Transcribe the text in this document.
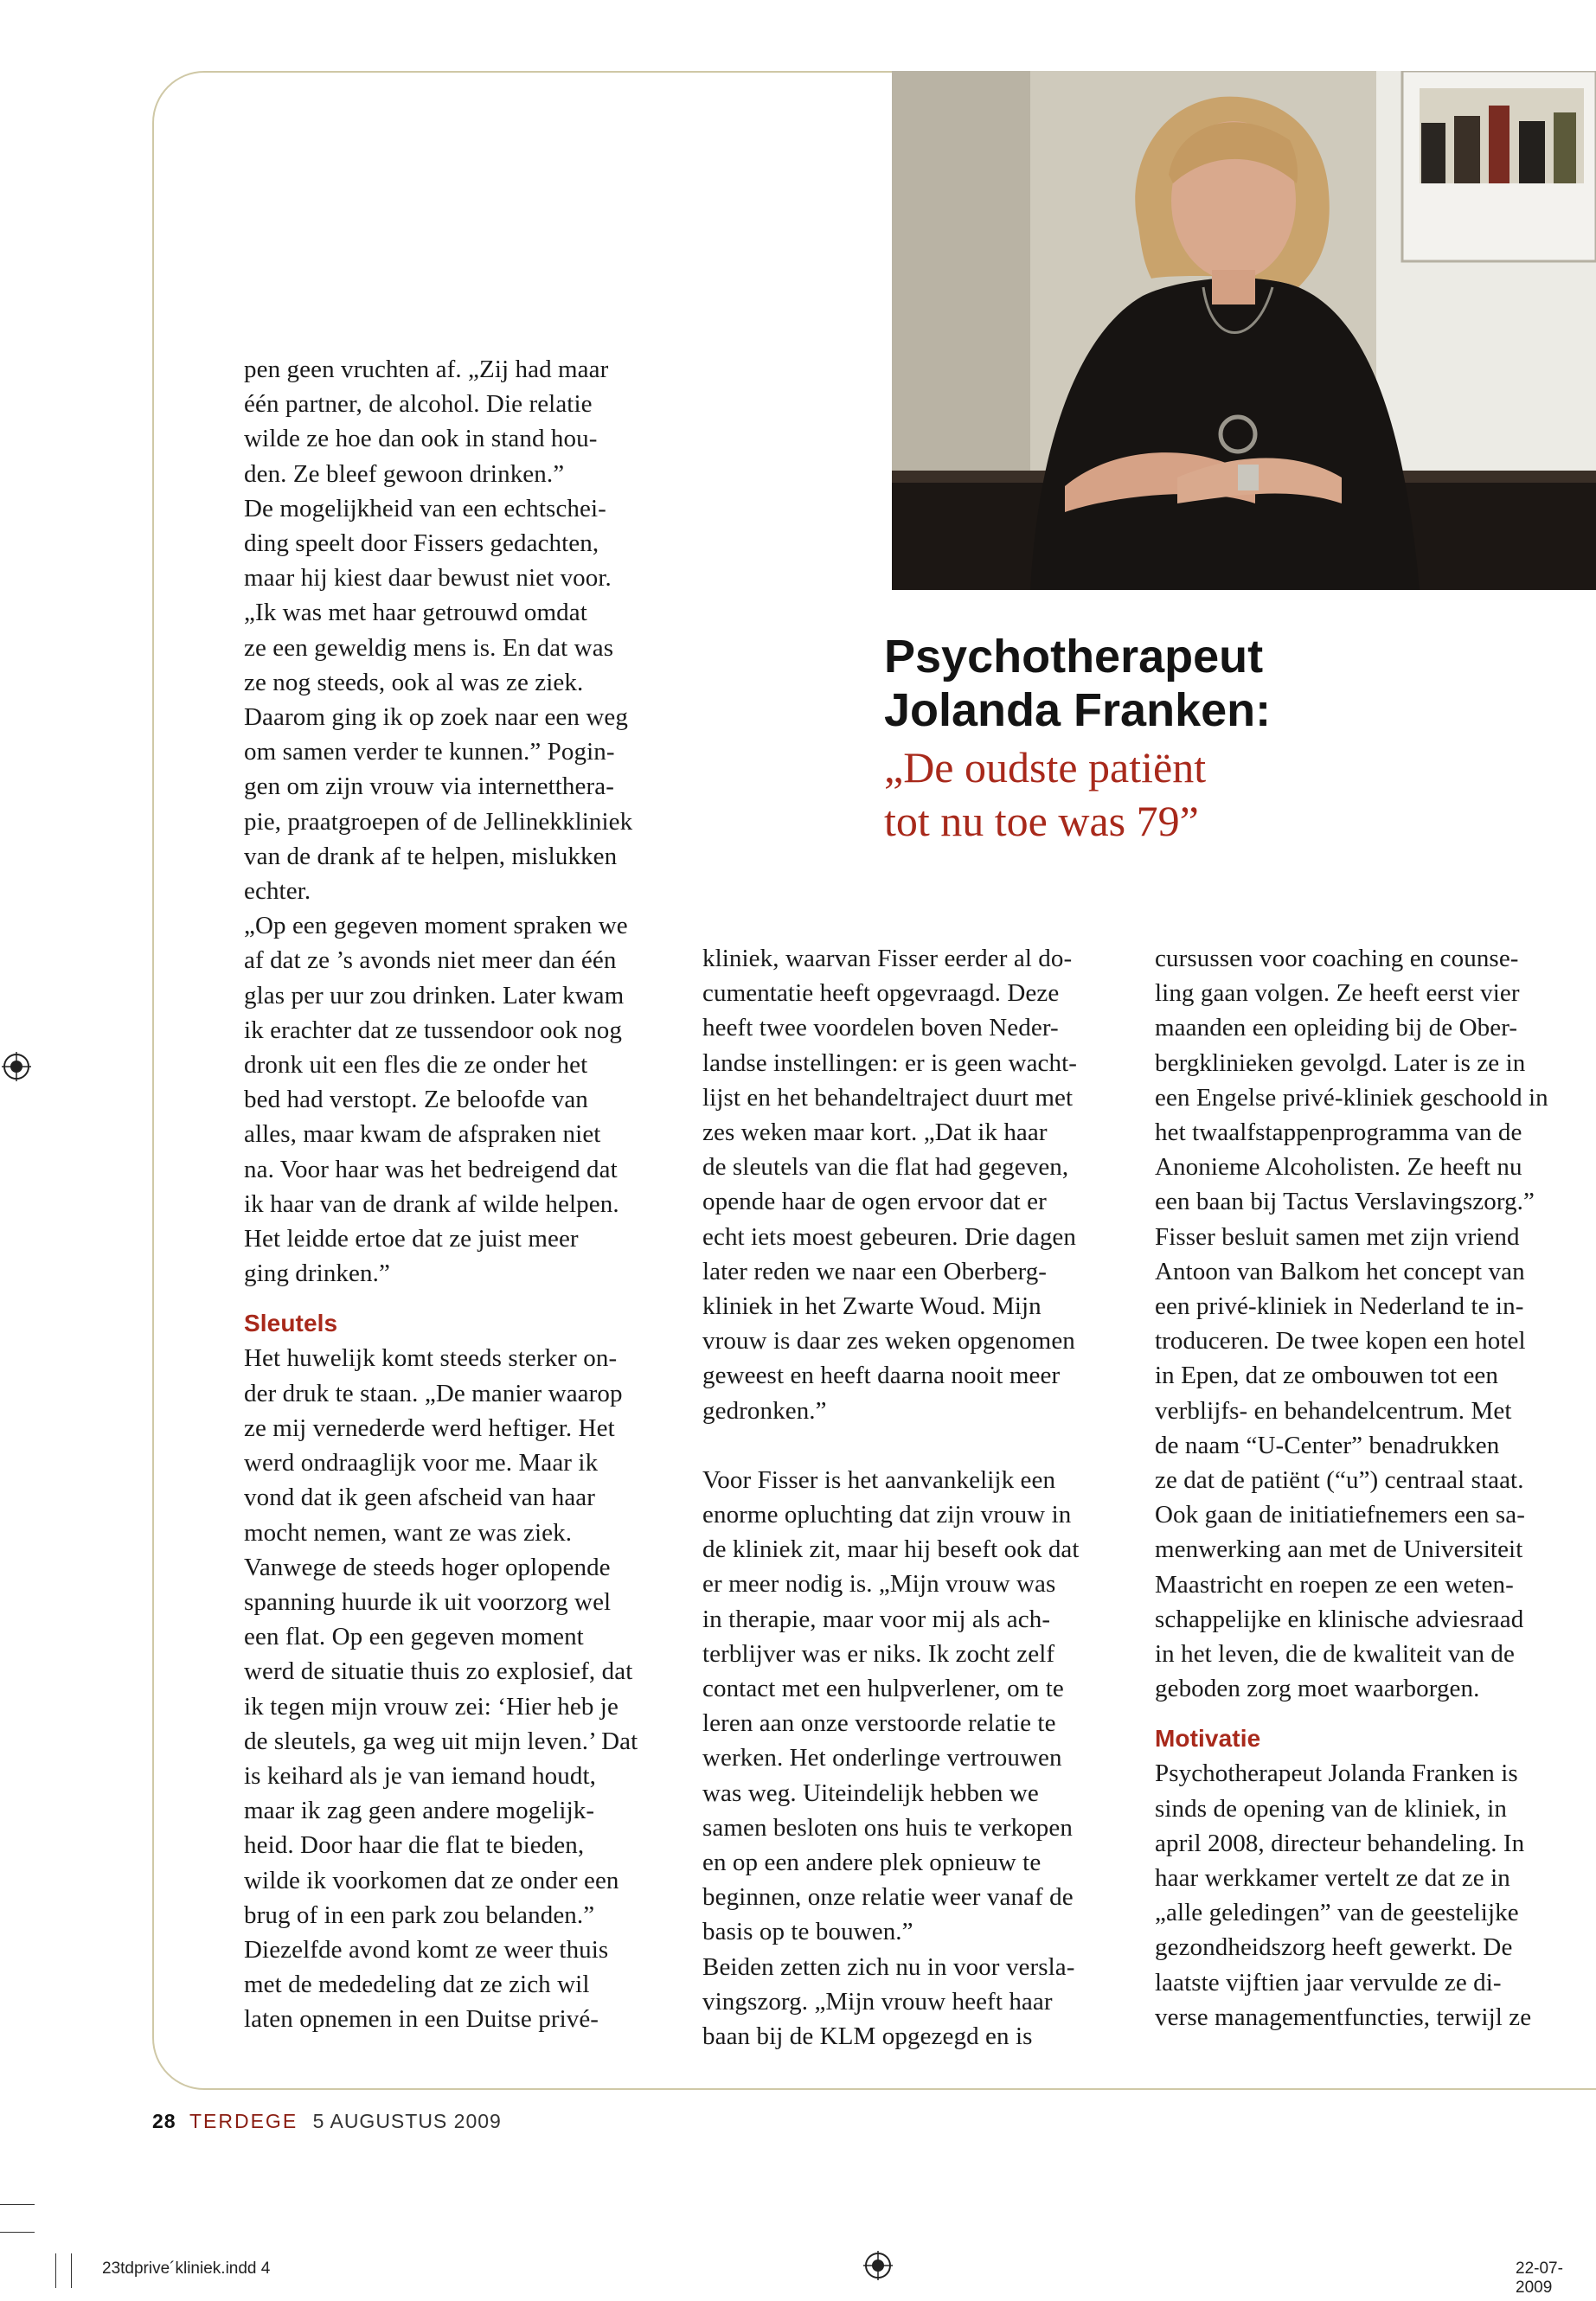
Psychotherapeut
Jolanda Franken:
„De oudste patiënt
tot nu toe was 79”
pen geen vruchten af. „Zij had maar
één partner, de alcohol. Die relatie
wilde ze hoe dan ook in stand hou-
den. Ze bleef gewoon drinken.”
De mogelijkheid van een echtschei-
ding speelt door Fissers gedachten,
maar hij kiest daar bewust niet voor.
„Ik was met haar getrouwd omdat
ze een geweldig mens is. En dat was
ze nog steeds, ook al was ze ziek.
Daarom ging ik op zoek naar een weg
om samen verder te kunnen.” Pogin-
gen om zijn vrouw via internetthera-
pie, praatgroepen of de Jellinekkliniek
van de drank af te helpen, mislukken
echter.
„Op een gegeven moment spraken we
af dat ze ’s avonds niet meer dan één
glas per uur zou drinken. Later kwam
ik erachter dat ze tussendoor ook nog
dronk uit een fles die ze onder het
bed had verstopt. Ze beloofde van
alles, maar kwam de afspraken niet
na. Voor haar was het bedreigend dat
ik haar van de drank af wilde helpen.
Het leidde ertoe dat ze juist meer
ging drinken.”
Sleutels
Het huwelijk komt steeds sterker on-
der druk te staan. „De manier waarop
ze mij vernederde werd heftiger. Het
werd ondraaglijk voor me. Maar ik
vond dat ik geen afscheid van haar
mocht nemen, want ze was ziek.
Vanwege de steeds hoger oplopende
spanning huurde ik uit voorzorg wel
een flat. Op een gegeven moment
werd de situatie thuis zo explosief, dat
ik tegen mijn vrouw zei: ‘Hier heb je
de sleutels, ga weg uit mijn leven.’ Dat
is keihard als je van iemand houdt,
maar ik zag geen andere mogelijk-
heid. Door haar die flat te bieden,
wilde ik voorkomen dat ze onder een
brug of in een park zou belanden.”
Diezelfde avond komt ze weer thuis
met de mededeling dat ze zich wil
laten opnemen in een Duitse privé-
kliniek, waarvan Fisser eerder al do-
cumentatie heeft opgevraagd. Deze
heeft twee voordelen boven Neder-
landse instellingen: er is geen wacht-
lijst en het behandeltraject duurt met
zes weken maar kort. „Dat ik haar
de sleutels van die flat had gegeven,
opende haar de ogen ervoor dat er
echt iets moest gebeuren. Drie dagen
later reden we naar een Oberberg-
kliniek in het Zwarte Woud. Mijn
vrouw is daar zes weken opgenomen
geweest en heeft daarna nooit meer
gedronken.”
Voor Fisser is het aanvankelijk een
enorme opluchting dat zijn vrouw in
de kliniek zit, maar hij beseft ook dat
er meer nodig is. „Mijn vrouw was
in therapie, maar voor mij als ach-
terblijver was er niks. Ik zocht zelf
contact met een hulpverlener, om te
leren aan onze verstoorde relatie te
werken. Het onderlinge vertrouwen
was weg. Uiteindelijk hebben we
samen besloten ons huis te verkopen
en op een andere plek opnieuw te
beginnen, onze relatie weer vanaf de
basis op te bouwen.”
Beiden zetten zich nu in voor versla-
vingszorg. „Mijn vrouw heeft haar
baan bij de KLM opgezegd en is
cursussen voor coaching en counse-
ling gaan volgen. Ze heeft eerst vier
maanden een opleiding bij de Ober-
bergklinieken gevolgd. Later is ze in
een Engelse privé-kliniek geschoold in
het twaalfstappenprogramma van de
Anonieme Alcoholisten. Ze heeft nu
een baan bij Tactus Verslavingszorg.”
Fisser besluit samen met zijn vriend
Antoon van Balkom het concept van
een privé-kliniek in Nederland te in-
troduceren. De twee kopen een hotel
in Epen, dat ze ombouwen tot een
verblijfs- en behandelcentrum. Met
de naam “U-Center” benadrukken
ze dat de patiënt (“u”) centraal staat.
Ook gaan de initiatiefnemers een sa-
menwerking aan met de Universiteit
Maastricht en roepen ze een weten-
schappelijke en klinische adviesraad
in het leven, die de kwaliteit van de
geboden zorg moet waarborgen.
Motivatie
Psychotherapeut Jolanda Franken is
sinds de opening van de kliniek, in
april 2008, directeur behandeling. In
haar werkkamer vertelt ze dat ze in
„alle geledingen” van de geestelijke
gezondheidszorg heeft gewerkt. De
laatste vijftien jaar vervulde ze di-
verse managementfuncties, terwijl ze
28 TERDEGE 5 AUGUSTUS 2009
23tdprive´kliniek.indd 4	22-07-2009
